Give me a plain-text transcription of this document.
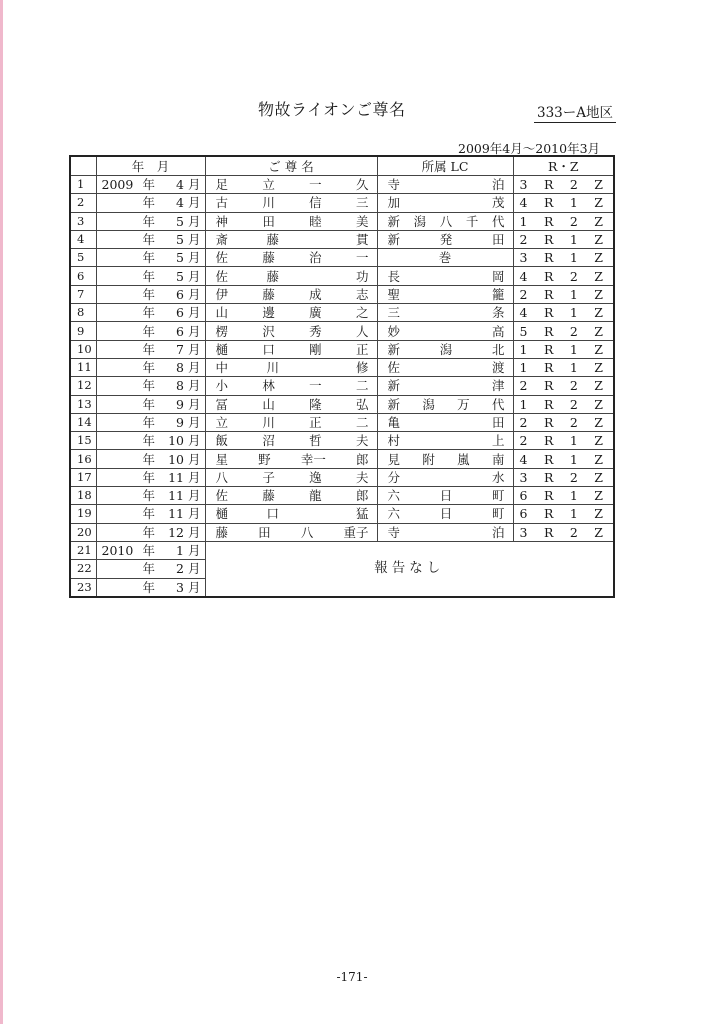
物故ライオンご尊名	333ーA地区
2009年4月〜2010年3月
	年　月	ご 尊 名	所属 LC	R・Z
1	2009 年 4 月	足 立 一 久	寺 泊	3 R 2 Z

2	年 4 月	古 川 信 三	加 茂	4 R 1 Z

3	年 5 月	神 田 睦 美	新 潟 八 千 代	1 R 2 Z

4	年 5 月	斎 藤 貫	新 発 田	2 R 1 Z

5	年 5 月	佐 藤 治 一	巻	3 R 1 Z

6	年 5 月	佐 藤 功	長 岡	4 R 2 Z

7	年 6 月	伊 藤 成 志	聖 籠	2 R 1 Z

8	年 6 月	山 邊 廣 之	三 条	4 R 1 Z

9	年 6 月	楞 沢 秀 人	妙 高	5 R 2 Z

10	年 7 月	樋 口 剛 正	新 潟 北	1 R 1 Z

11	年 8 月	中 川 修	佐 渡	1 R 1 Z

12	年 8 月	小 林 一 二	新 津	2 R 2 Z

13	年 9 月	冨 山 隆 弘	新 潟 万 代	1 R 2 Z

14	年 9 月	立 川 正 二	亀 田	2 R 2 Z

15	年 10 月	飯 沼 哲 夫	村 上	2 R 1 Z

16	年 10 月	星 野 幸一 郎	見 附 嵐 南	4 R 1 Z

17	年 11 月	八 子 逸 夫	分 水	3 R 2 Z

18	年 11 月	佐 藤 龍 郎	六 日 町	6 R 1 Z

19	年 11 月	樋 口 猛	六 日 町	6 R 1 Z

20	年 12 月	藤 田 八 重子	寺 泊	3 R 2 Z

21	2010 年 1 月	報告なし		
22	年 2 月			

23	年 3 月			
-171-
